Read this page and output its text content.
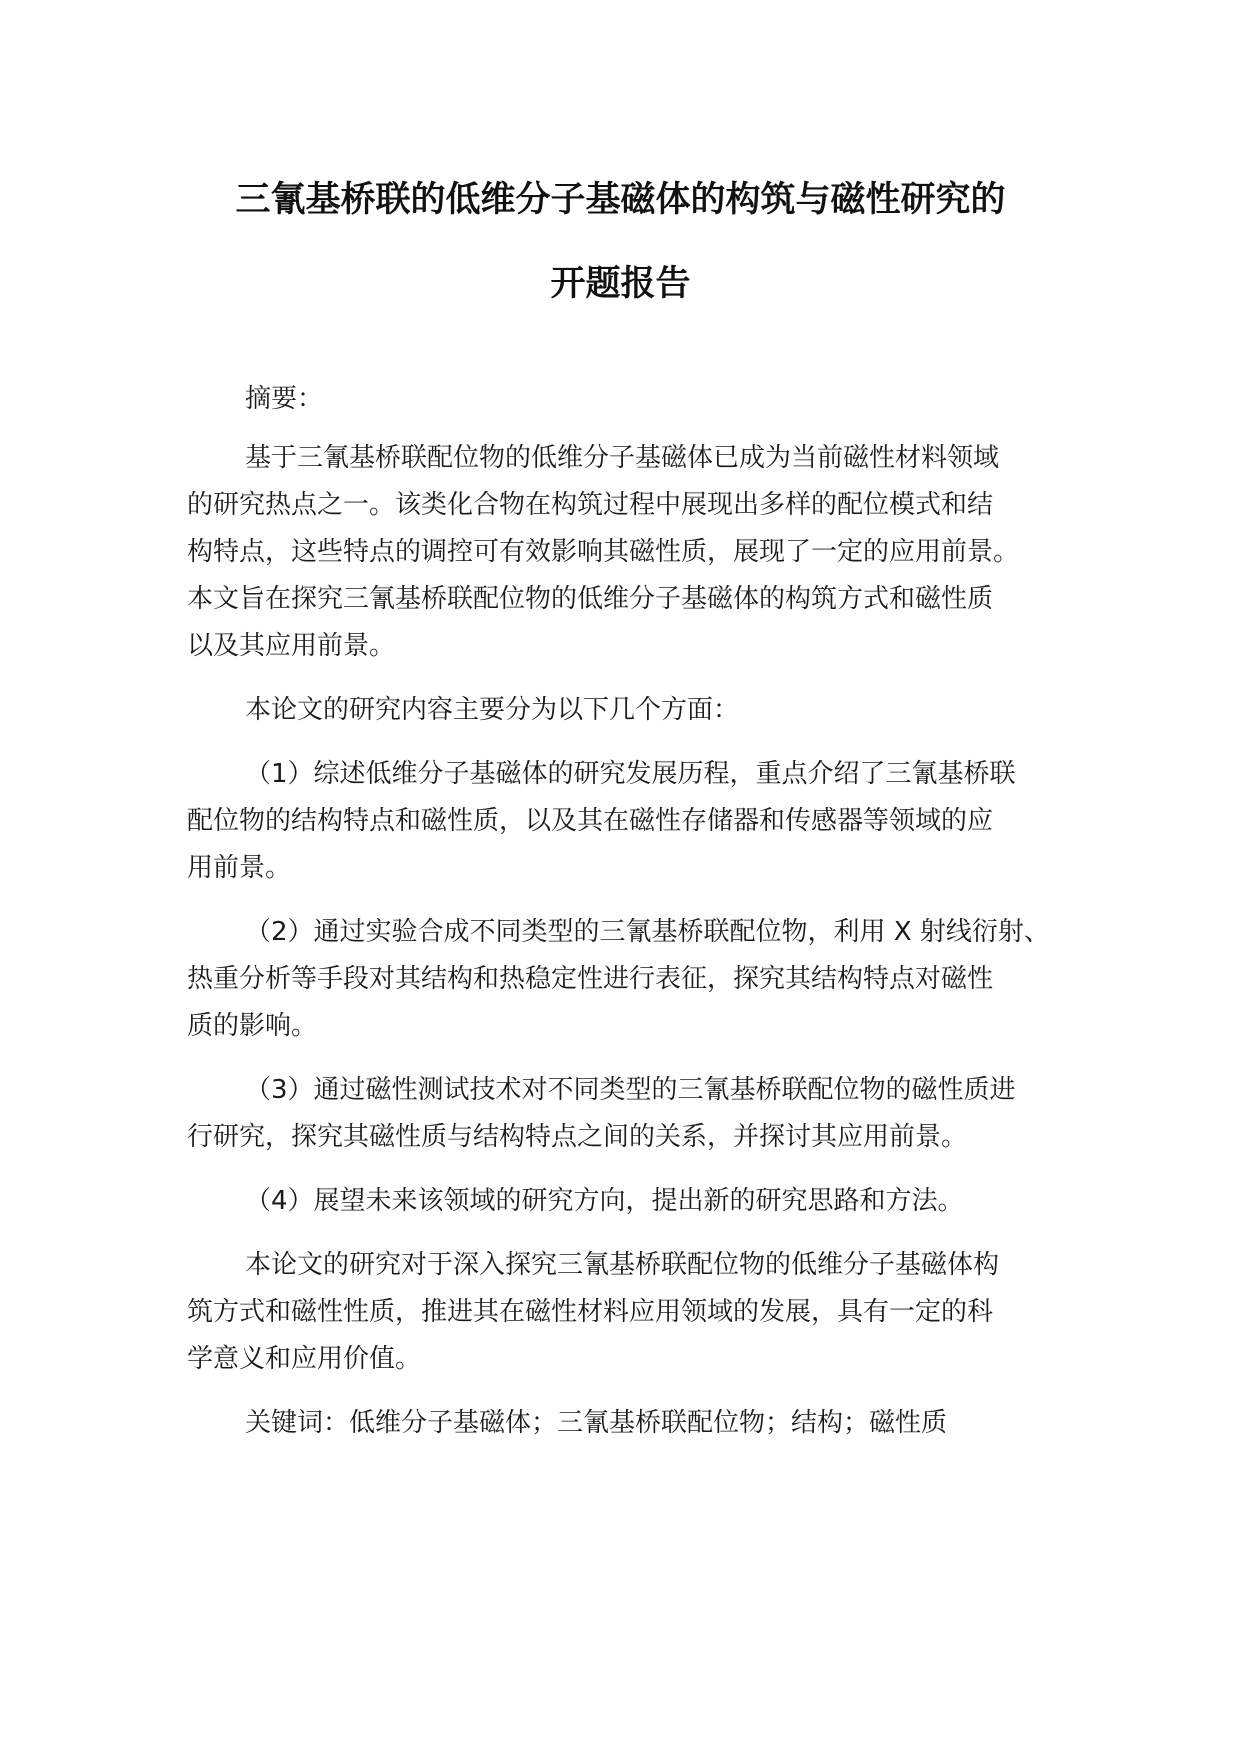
三氰基桥联的低维分子基磁体的构筑与磁性研究的
开题报告
摘要：
基于三氰基桥联配位物的低维分子基磁体已成为当前磁性材料领域
的研究热点之一。该类化合物在构筑过程中展现出多样的配位模式和结
构特点，这些特点的调控可有效影响其磁性质，展现了一定的应用前景。
本文旨在探究三氰基桥联配位物的低维分子基磁体的构筑方式和磁性质
以及其应用前景。
本论文的研究内容主要分为以下几个方面：
（1）综述低维分子基磁体的研究发展历程，重点介绍了三氰基桥联
配位物的结构特点和磁性质，以及其在磁性存储器和传感器等领域的应
用前景。
（2）通过实验合成不同类型的三氰基桥联配位物，利用 X 射线衍射、
热重分析等手段对其结构和热稳定性进行表征，探究其结构特点对磁性
质的影响。
（3）通过磁性测试技术对不同类型的三氰基桥联配位物的磁性质进
行研究，探究其磁性质与结构特点之间的关系，并探讨其应用前景。
（4）展望未来该领域的研究方向，提出新的研究思路和方法。
本论文的研究对于深入探究三氰基桥联配位物的低维分子基磁体构
筑方式和磁性性质，推进其在磁性材料应用领域的发展，具有一定的科
学意义和应用价值。
关键词：低维分子基磁体；三氰基桥联配位物；结构；磁性质
